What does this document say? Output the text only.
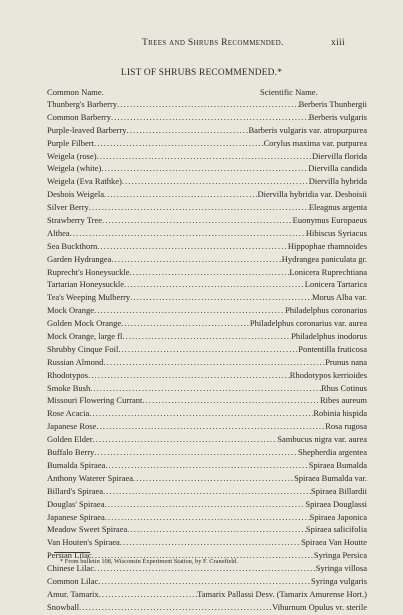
Trees and Shrubs Recommended.	xiii
LIST OF SHRUBS RECOMMENDED.*
Common Name.	Scientific Name.
Thunberg's Barberry .....	Berberis Thunbergii
Common Barberry .....	Berberis vulgaris
Purple-leaved Barberry .....	Barberis vulgaris var. atropurpurea
Purple Filbert .....	Corylus maxima var. purpurea
Weigela (rose) .....	Diervilla florida
Weigela (white) .....	Diervilla candida
Weigela (Eva Rathke) .....	Diervilla hybrida
Desbois Weigela .....	Diervilla hybridia var. Desboisii
Silver Berry .....	Eleagnus argenta
Strawberry Tree .....	Euonymus Europaeus
Althea .....	Hibiscus Syriacus
Sea Buckthorn .....	Hippophae rhamnoides
Garden Hydrangea .....	Hydrangea paniculata gr.
Ruprecht's Honeysuckle .....	Lonicera Ruprechtiana
Tartarian Honeysuckle .....	Lonicera Tartarica
Tea's Weeping Mulberry .....	Morus Alba var.
Mock Orange .....	Philadelphus coronarius
Golden Mock Orange .....	Philadelphus coronarius var. aurea
Mock Orange, large fl .....	Philadelphus inodorus
Shrubby Cinque Foil .....	Pontentilla fruticosa
Russian Almond .....	Prunus nana
Rhodotypos .....	Rhodotypos kerrioides
Smoke Bush .....	Rhus Cotinus
Missouri Flowering Currant .....	Ribes aureum
Rose Acacia .....	Robinia hispida
Japanese Rose .....	Rosa rugosa
Golden Elder .....	Sambucus nigra var. aurea
Buffalo Berry .....	Shepherdia argentea
Bumalda Spiraea .....	Spiraea Bumalda
Anthony Waterer Spiraea .....	Spiraea Bumalda var.
Billard's Spiraea .....	Spiraea Billardii
Douglas' Spiraea .....	Spiraea Douglassi
Japanese Spiraea .....	Spiraea Japonica
Meadow Sweet Spiraea .....	Spiraea salicifolia
Van Houten's Spiraea .....	Spiraea Van Houtte
Persian Lilac .....	Syringa Persica
Chinese Lilac .....	Syringa villosa
Common Lilac .....	Syringa vulgaris
Amur. Tamarix .....	Tamarix Pallassi Desv. (Tamarix Amurense Hort.)
Snowball .....	Viburnum Opulus vr. sterile
* From bulletin 108, Wisconsin Experiment Station, by F. Cranefield.
